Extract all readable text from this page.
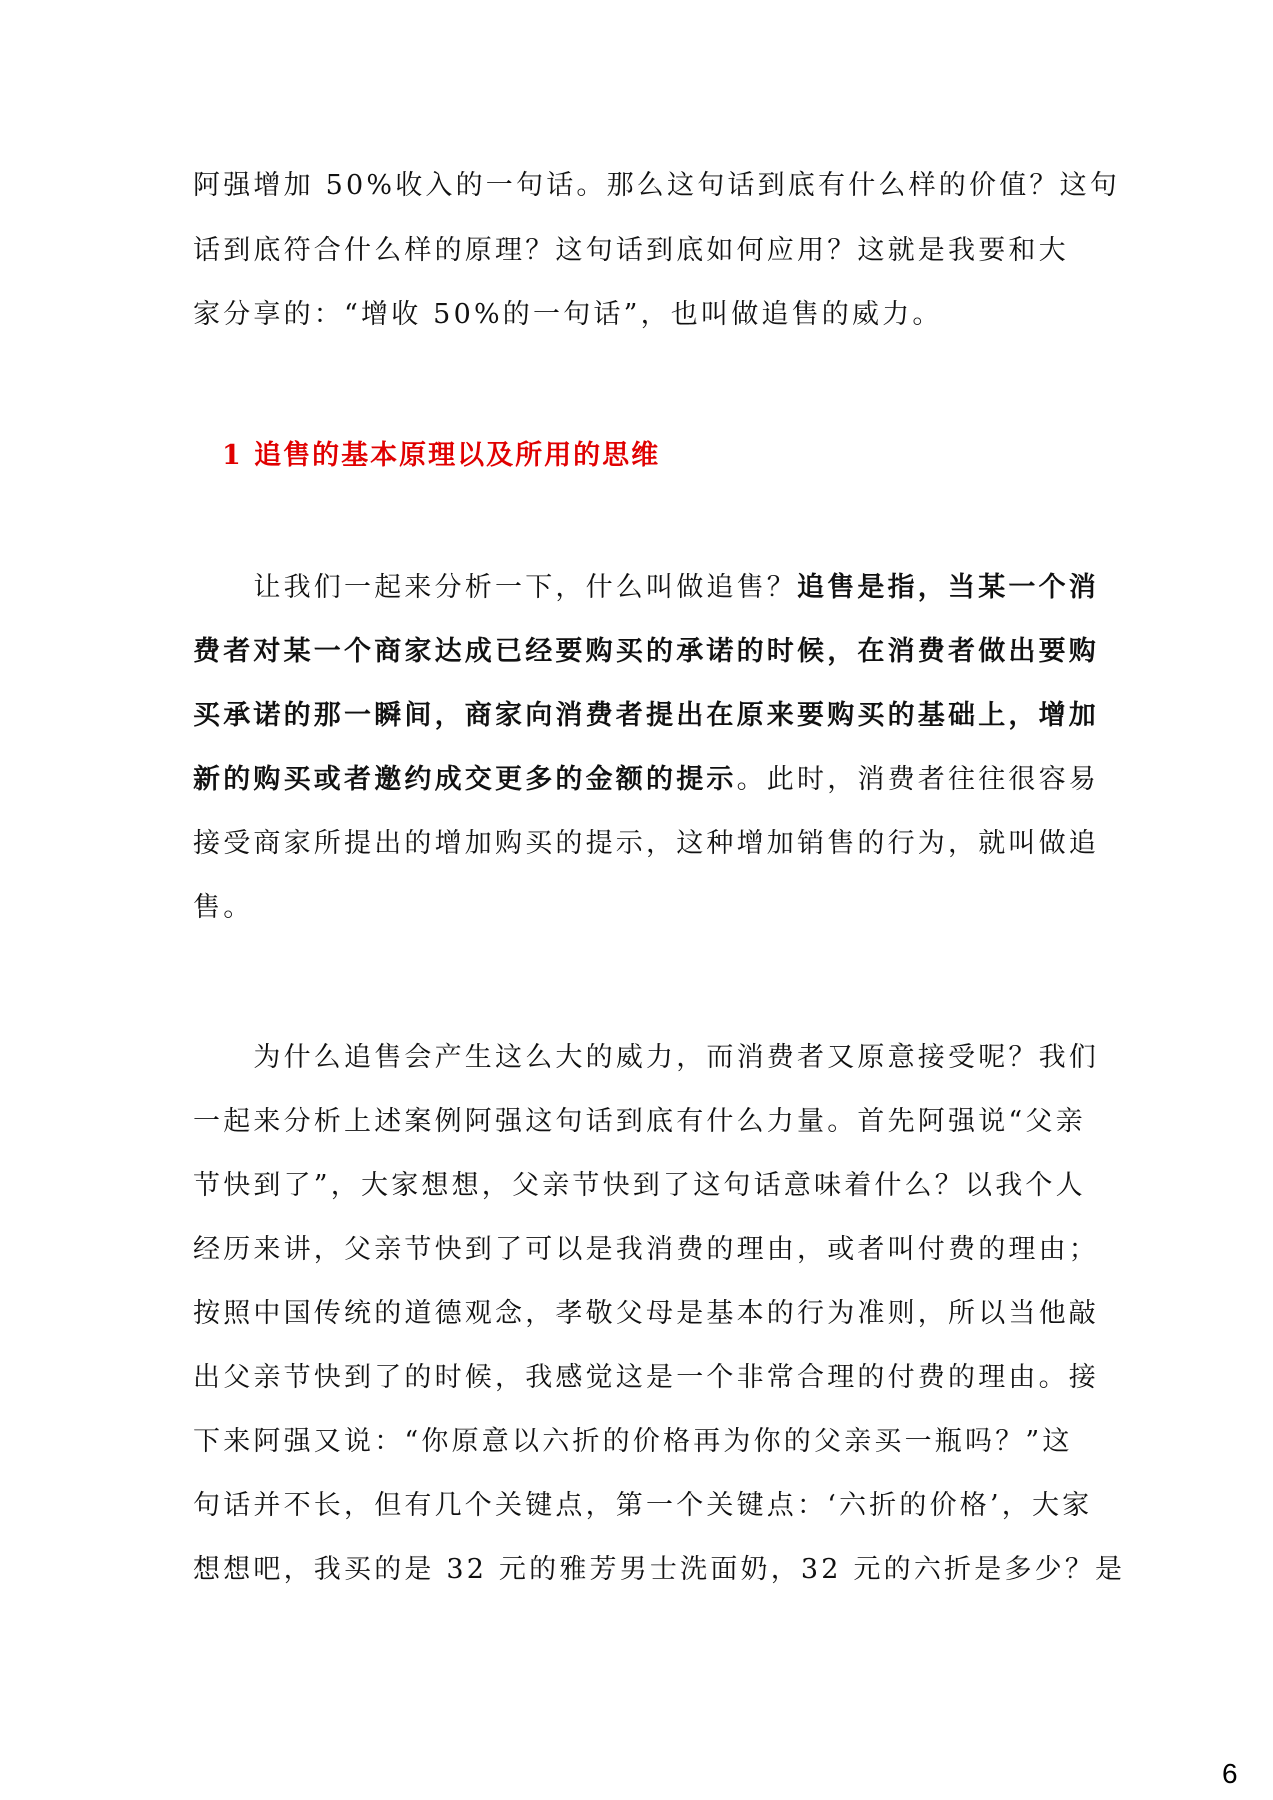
阿强增加 50%收入的一句话。那么这句话到底有什么样的价值？这句
话到底符合什么样的原理？这句话到底如何应用？这就是我要和大
家分享的：“增收 50%的一句话”，也叫做追售的威力。
1 追售的基本原理以及所用的思维
　　让我们一起来分析一下，什么叫做追售？追售是指，当某一个消
费者对某一个商家达成已经要购买的承诺的时候，在消费者做出要购
买承诺的那一瞬间，商家向消费者提出在原来要购买的基础上，增加
新的购买或者邀约成交更多的金额的提示。此时，消费者往往很容易
接受商家所提出的增加购买的提示，这种增加销售的行为，就叫做追
售。
　　为什么追售会产生这么大的威力，而消费者又原意接受呢？我们
一起来分析上述案例阿强这句话到底有什么力量。首先阿强说“父亲
节快到了”，大家想想，父亲节快到了这句话意味着什么？以我个人
经历来讲，父亲节快到了可以是我消费的理由，或者叫付费的理由；
按照中国传统的道德观念，孝敬父母是基本的行为准则，所以当他敲
出父亲节快到了的时候，我感觉这是一个非常合理的付费的理由。接
下来阿强又说：“你原意以六折的价格再为你的父亲买一瓶吗？”这
句话并不长，但有几个关键点，第一个关键点：‘六折的价格’，大家
想想吧，我买的是 32 元的雅芳男士洗面奶，32 元的六折是多少？是
6
